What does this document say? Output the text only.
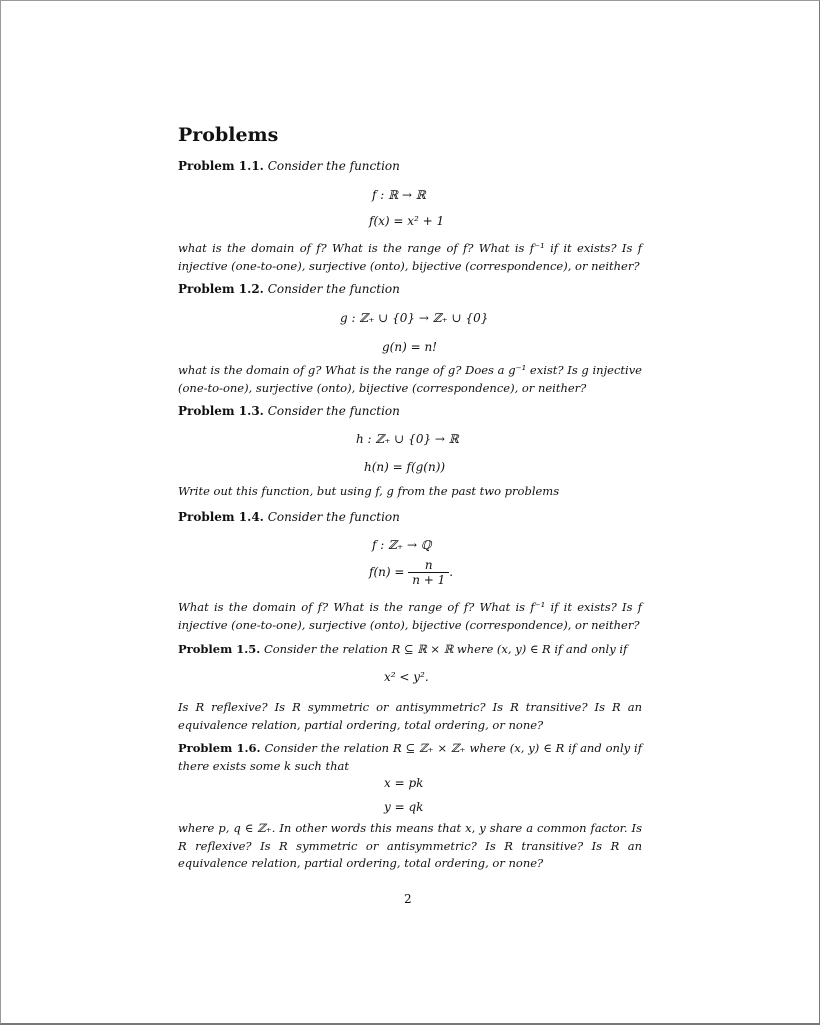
Problems
Problem 1.1. Consider the function
f : ℝ → ℝ
f(x) = x² + 1
what is the domain of f? What is the range of f? What is f⁻¹ if it exists? Is f injective (one-to-one), surjective (onto), bijective (correspondence), or neither?
Problem 1.2. Consider the function
g : ℤ₊ ∪ {0} → ℤ₊ ∪ {0}
g(n) = n!
what is the domain of g? What is the range of g? Does a g⁻¹ exist? Is g injective (one-to-one), surjective (onto), bijective (correspondence), or neither?
Problem 1.3. Consider the function
h : ℤ₊ ∪ {0} → ℝ
h(n) = f(g(n))
Write out this function, but using f, g from the past two problems
Problem 1.4. Consider the function
f : ℤ₊ → ℚ
$f(n) = \frac{n}{n + 1}$ .
What is the domain of f? What is the range of f? What is f⁻¹ if it exists? Is f injective (one-to-one), surjective (onto), bijective (correspondence), or neither?
Problem 1.5. Consider the relation R ⊆ ℝ × ℝ where (x, y) ∈ R if and only if
x² < y².
Is R reflexive? Is R symmetric or antisymmetric? Is R transitive? Is R an equivalence relation, partial ordering, total ordering, or none?
Problem 1.6. Consider the relation R ⊆ ℤ₊ × ℤ₊ where (x, y) ∈ R if and only if there exists some k such that
x = pk
y = qk
where p, q ∈ ℤ₊. In other words this means that x, y share a common factor. Is R reflexive? Is R symmetric or antisymmetric? Is R transitive? Is R an equivalence relation, partial ordering, total ordering, or none?
2
